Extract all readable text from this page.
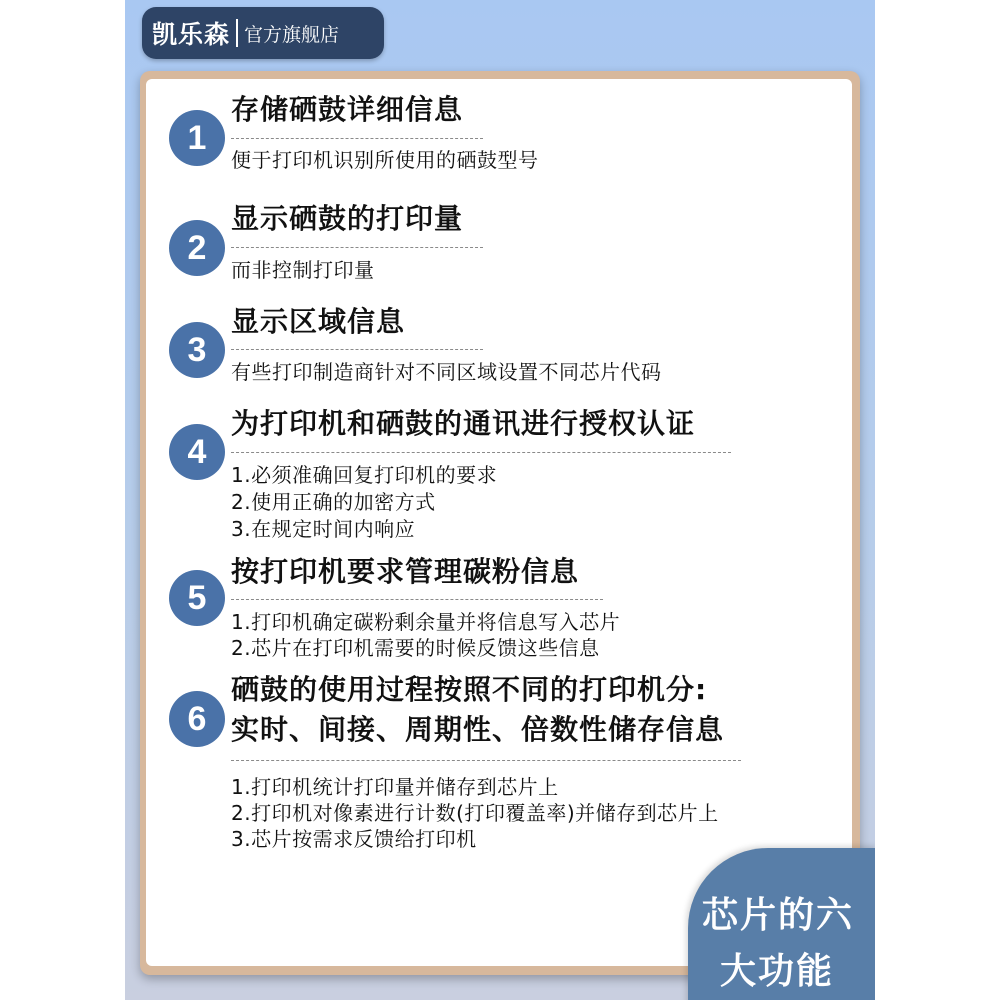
凯乐森 官方旗舰店
1
存储硒鼓详细信息
便于打印机识别所使用的硒鼓型号
2
显示硒鼓的打印量
而非控制打印量
3
显示区域信息
有些打印制造商针对不同区域设置不同芯片代码
4
为打印机和硒鼓的通讯进行授权认证
1.必须准确回复打印机的要求
2.使用正确的加密方式
3.在规定时间内响应
5
按打印机要求管理碳粉信息
1.打印机确定碳粉剩余量并将信息写入芯片
2.芯片在打印机需要的时候反馈这些信息
6
硒鼓的使用过程按照不同的打印机分:
实时、间接、周期性、倍数性储存信息
1.打印机统计打印量并储存到芯片上
2.打印机对像素进行计数(打印覆盖率)并储存到芯片上
3.芯片按需求反馈给打印机
芯片的六
大功能
